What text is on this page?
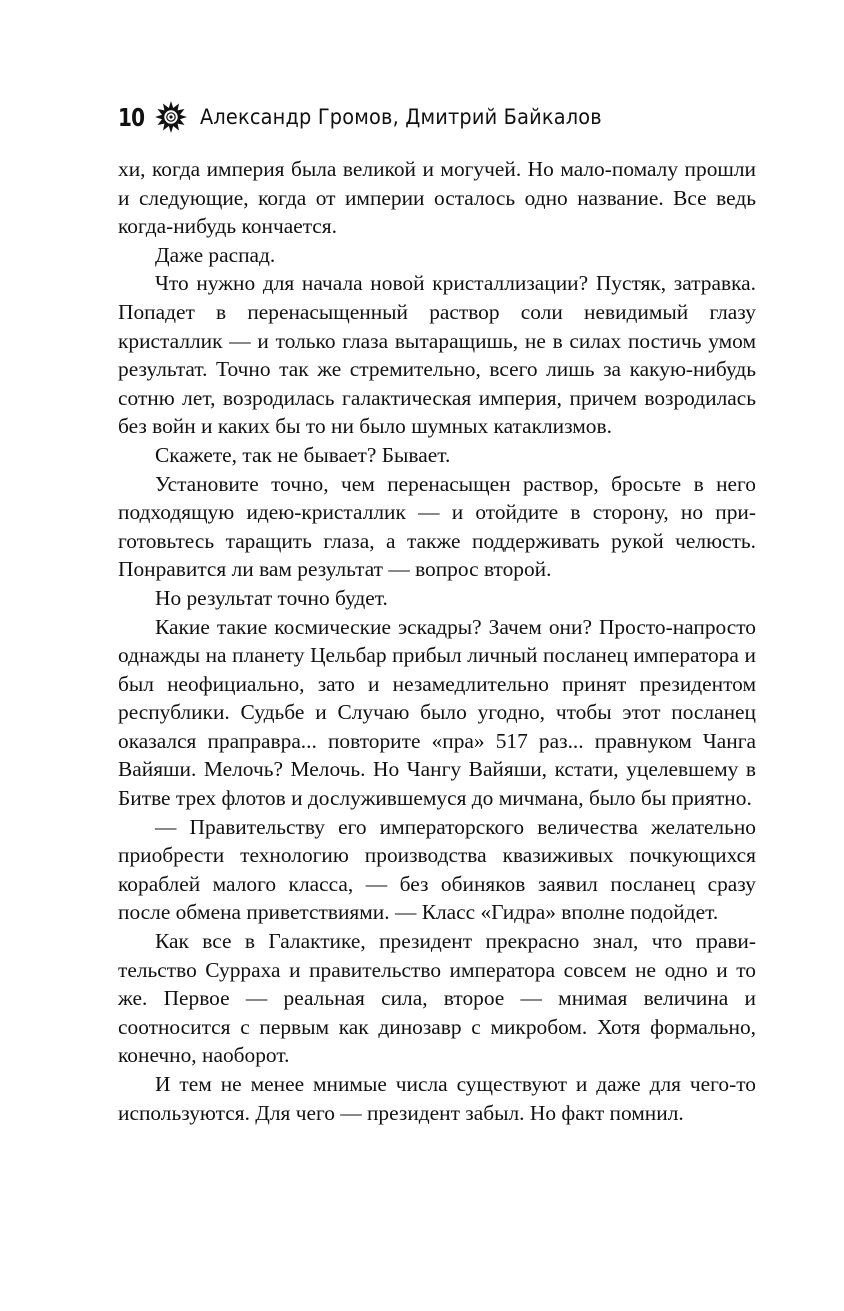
10	Александр Громов, Дмитрий Байкалов

хи, когда империя была великой и могучей. Но мало-помалу прошли и следующие, когда от империи осталось одно название. Все ведь когда-нибудь кончается.

Даже распад.

Что нужно для начала новой кристаллизации? Пустяк, затравка. Попадет в перенасыщенный раствор соли невидимый глазу кристаллик — и только глаза вытаращишь, не в силах постичь умом результат. Точно так же стремительно, всего лишь за какую-нибудь сотню лет, возродилась галактическая империя, причем возродилась без войн и каких бы то ни было шумных катаклизмов.

Скажете, так не бывает? Бывает.

Установите точно, чем перенасыщен раствор, бросьте в него подходящую идею-кристаллик — и отойдите в сторону, но приготовьтесь таращить глаза, а также поддерживать рукой челюсть. Понравится ли вам результат — вопрос второй.

Но результат точно будет.

Какие такие космические эскадры? Зачем они? Просто-напросто однажды на планету Цельбар прибыл личный посланец императора и был неофициально, зато и незамедлительно принят президентом республики. Судьбе и Случаю было угодно, чтобы этот посланец оказался праправра... повторите «пра» 517 раз... правнуком Чанга Вайяши. Мелочь? Мелочь. Но Чангу Вайяши, кстати, уцелевшему в Битве трех флотов и дослужившемуся до мичмана, было бы приятно.

— Правительству его императорского величества желательно приобрести технологию производства квазиживых почкующихся кораблей малого класса, — без обиняков заявил посланец сразу после обмена приветствиями. — Класс «Гидра» вполне подойдет.

Как все в Галактике, президент прекрасно знал, что правительство Сурраха и правительство императора совсем не одно и то же. Первое — реальная сила, второе — мнимая величина и соотносится с первым как динозавр с микробом. Хотя формально, конечно, наоборот.

И тем не менее мнимые числа существуют и даже для чего-то используются. Для чего — президент забыл. Но факт помнил.
